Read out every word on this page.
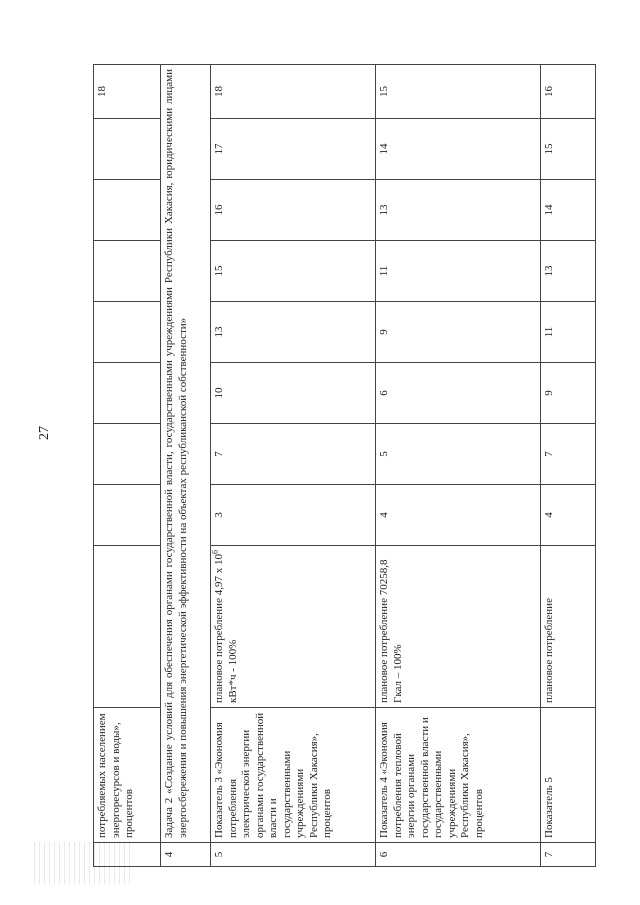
27
	потребляемых населением энергоресурсов и воды», процентов									18
4	Задача 2 «Создание условий для обеспечения органами государственной власти, государственными учреждениями Республики Хакасия, юридическими лицами энергосбережения и повышения энергетической эффективности на объектах республиканской собственности»									
5	Показатель 3 «Экономия потребления электрической энергии органами государственной власти и государственными учреждениями Республики Хакасия», процентов	плановое потребление 4,97 х $10^6$ кВт*ч - 100%	3	7	10	13	15	16	17	18
6	Показатель 4 «Экономия потребления тепловой энергии органами государственной власти и государственными учреждениями Республики Хакасия», процентов	плановое потребление 70258,8 Гкал – 100%	4	5	6	9	11	13	14	15
7	Показатель 5	плановое потребление	4	7	9	11	13	14	15	16
